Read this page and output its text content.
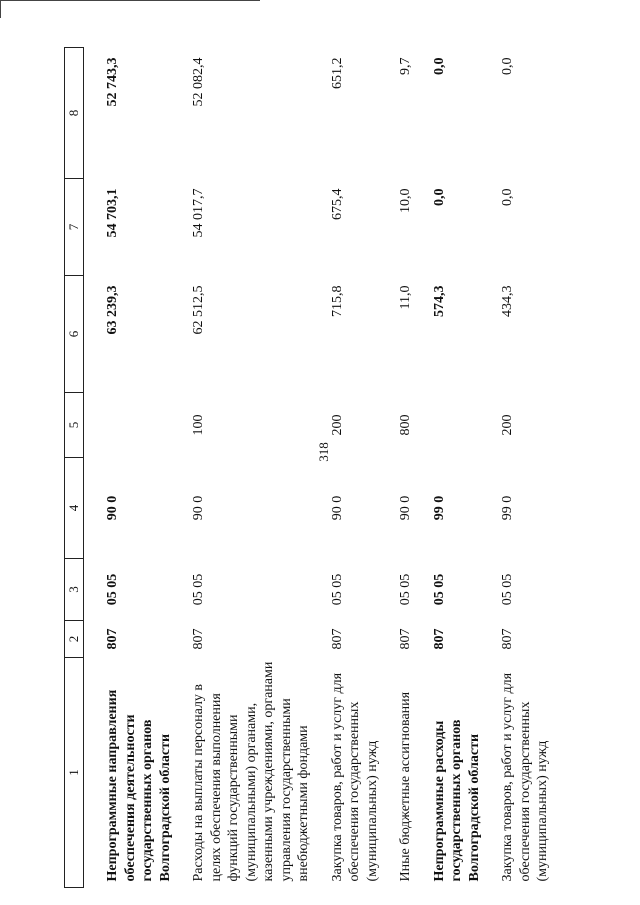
318
1	2	3	4	5	6	7	8
Непрограммные направления обеспечения деятельности государственных органов Волгоградской области	807	05 05	90 0		63 239,3	54 703,1	52 743,3
Расходы на выплаты персоналу в целях обеспечения выполнения функций государственными (муниципальными) органами, казенными учреждениями, органами управления государственными внебюджетными фондами	807	05 05	90 0	100	62 512,5	54 017,7	52 082,4
Закупка товаров, работ и услуг для обеспечения государственных (муниципальных) нужд	807	05 05	90 0	200	715,8	675,4	651,2
Иные бюджетные ассигнования	807	05 05	90 0	800	11,0	10,0	9,7
Непрограммные расходы государственных органов Волгоградской области	807	05 05	99 0		574,3	0,0	0,0
Закупка товаров, работ и услуг для обеспечения государственных (муниципальных) нужд	807	05 05	99 0	200	434,3	0,0	0,0
